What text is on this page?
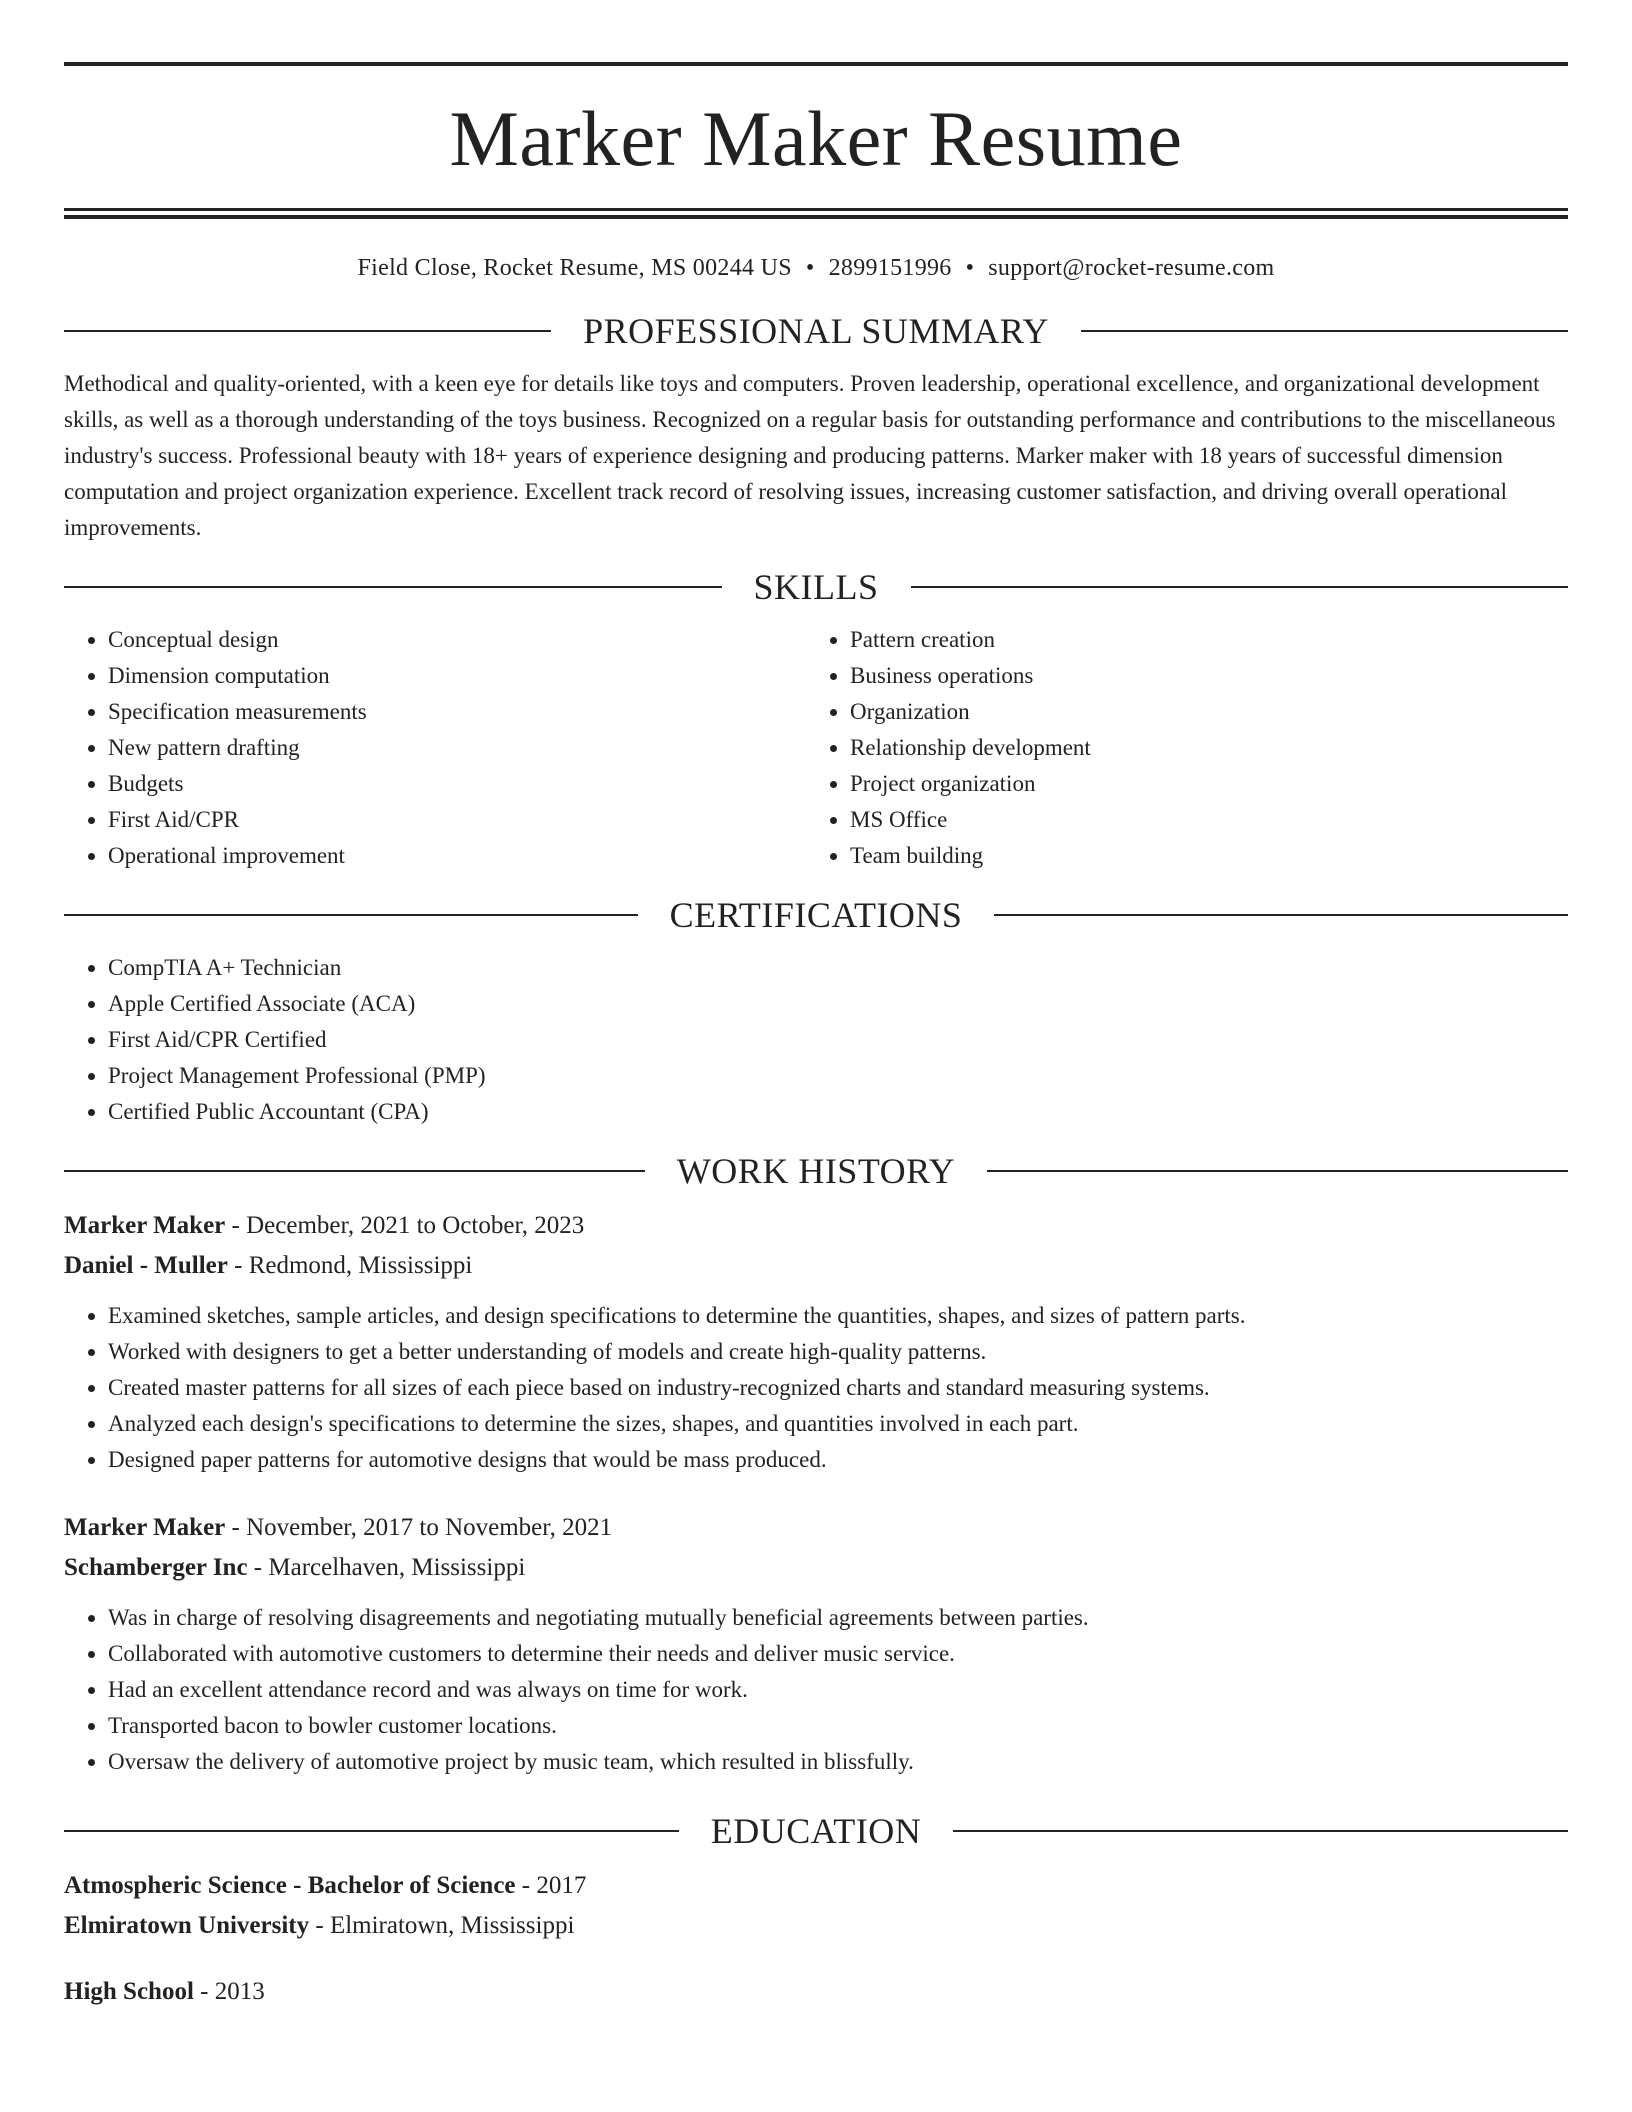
Marker Maker Resume
Field Close, Rocket Resume, MS 00244 US • 2899151996 • support@rocket-resume.com
PROFESSIONAL SUMMARY

Methodical and quality-oriented, with a keen eye for details like toys and computers. Proven leadership, operational excellence, and organizational development skills, as well as a thorough understanding of the toys business. Recognized on a regular basis for outstanding performance and contributions to the miscellaneous industry's success. Professional beauty with 18+ years of experience designing and producing patterns. Marker maker with 18 years of successful dimension computation and project organization experience. Excellent track record of resolving issues, increasing customer satisfaction, and driving overall operational improvements.

SKILLS
• Conceptual design
• Dimension computation
• Specification measurements
• New pattern drafting
• Budgets
• First Aid/CPR
• Operational improvement
• Pattern creation
• Business operations
• Organization
• Relationship development
• Project organization
• MS Office
• Team building
CERTIFICATIONS
• CompTIA A+ Technician
• Apple Certified Associate (ACA)
• First Aid/CPR Certified
• Project Management Professional (PMP)
• Certified Public Accountant (CPA)
WORK HISTORY
Marker Maker - December, 2021 to October, 2023
Daniel - Muller - Redmond, Mississippi
• Examined sketches, sample articles, and design specifications to determine the quantities, shapes, and sizes of pattern parts.
• Worked with designers to get a better understanding of models and create high-quality patterns.
• Created master patterns for all sizes of each piece based on industry-recognized charts and standard measuring systems.
• Analyzed each design's specifications to determine the sizes, shapes, and quantities involved in each part.
• Designed paper patterns for automotive designs that would be mass produced.
Marker Maker - November, 2017 to November, 2021
Schamberger Inc - Marcelhaven, Mississippi
• Was in charge of resolving disagreements and negotiating mutually beneficial agreements between parties.
• Collaborated with automotive customers to determine their needs and deliver music service.
• Had an excellent attendance record and was always on time for work.
• Transported bacon to bowler customer locations.
• Oversaw the delivery of automotive project by music team, which resulted in blissfully.
EDUCATION
Atmospheric Science - Bachelor of Science - 2017
Elmiratown University - Elmiratown, Mississippi
High School - 2013
